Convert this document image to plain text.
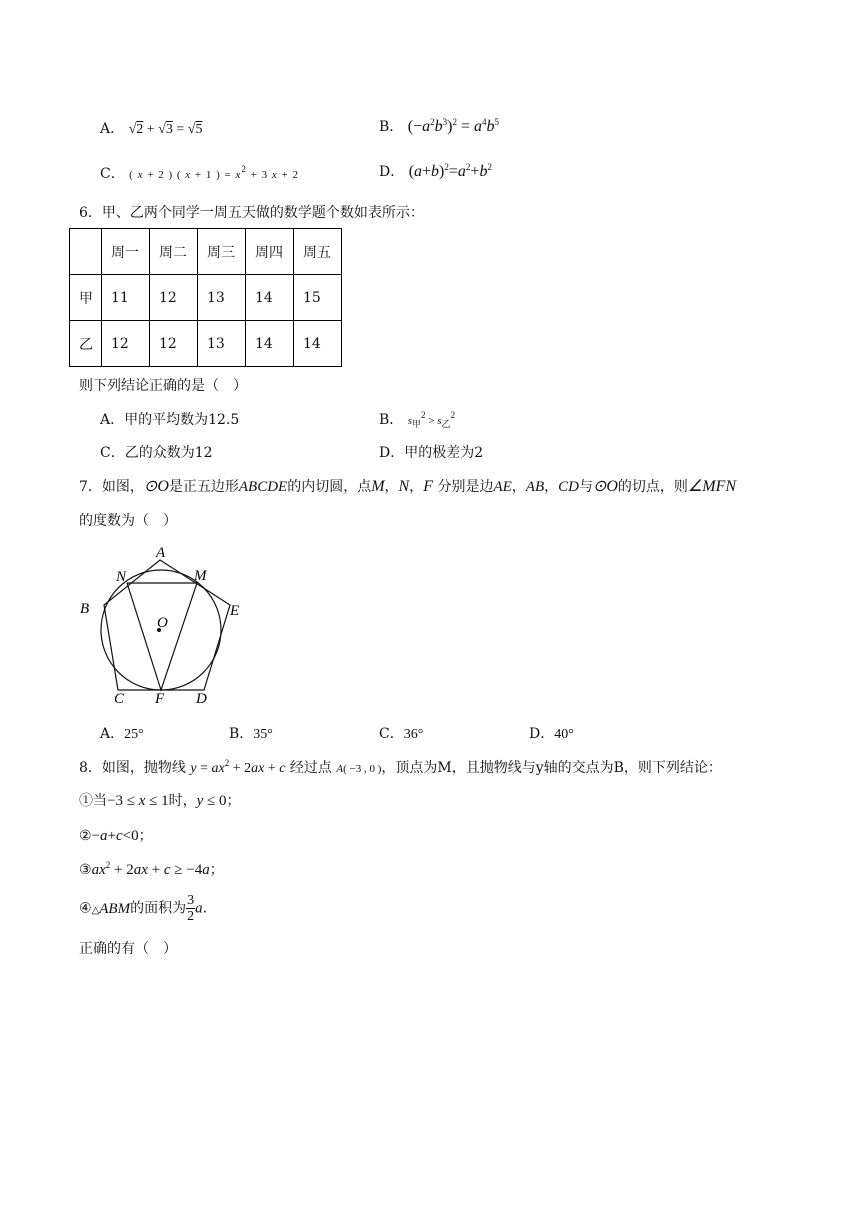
A． √2 + √3 = √5	B． $(-a^2b^3)^2 = a^4b^5$
C． ( x + 2 ) ( x + 1 ) = $x^2 + 3$ x + 2	D． $(a+b)^2=a^2+b^2$
6．甲、乙两个同学一周五天做的数学题个数如表所示：
	周一	周二	周三	周四	周五
甲	11	12	13	14	15
乙	12	12	13	14	14
则下列结论正确的是（　）
A．甲的平均数为12.5	B． $s_甲^2 > s_乙^2$
C．乙的众数为12	D．甲的极差为2
7．如图，⊙O是正五边形ABCDE的内切圆，点M，N，F 分别是边AE，AB，CD与⊙O的切点，则∠MFN
的度数为（　）
A
B
C	D
E
M
N
F
O
A．25°	B．35°	C．36°	D．40°
8．如图，抛物线 $y = ax^2 + 2ax + c$ 经过点 A( −3 , 0 )，顶点为M，且抛物线与y轴的交点为B，则下列结论：
①当−3 ≤ x ≤ 1时，y ≤ 0；
②−a+c<0；
$③ax^2 + 2ax + c \ge -4a$；
④△ABM的面积为 $\frac{3}{2} a$.
正确的有（　）
